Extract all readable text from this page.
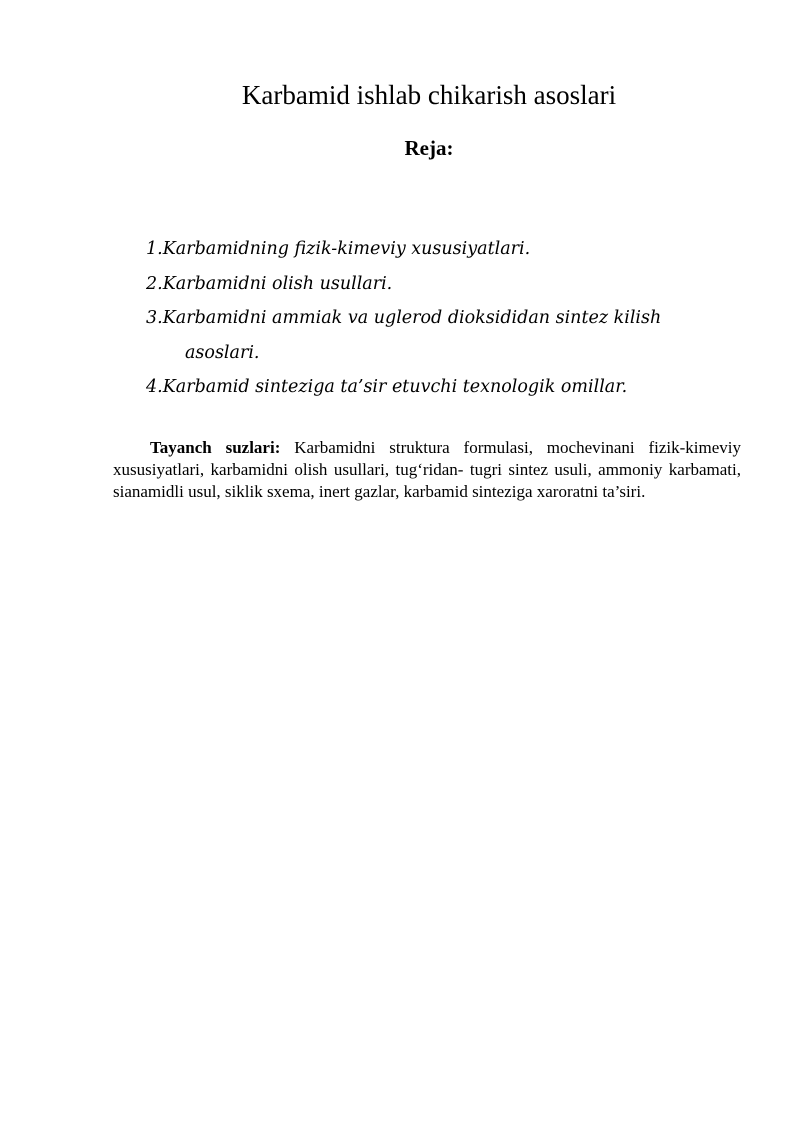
Karbamid ishlab chikarish asoslari
Reja:
1.Karbamidning fizik-kimeviy xususiyatlari.
2.Karbamidni olish usullari.
3.Karbamidni ammiak va uglerod dioksididan sintez kilish
asoslari.
4.Karbamid sinteziga ta’sir etuvchi texnologik omillar.

Tayanch suzlari: Karbamidni struktura formulasi, mochevinani fizik-kimeviy xususiyatlari, karbamidni olish usullari, tug‘ridan- tugri sintez usuli, ammoniy karbamati, sianamidli usul, siklik sxema, inert gazlar, karbamid sinteziga xaroratni ta’siri.
